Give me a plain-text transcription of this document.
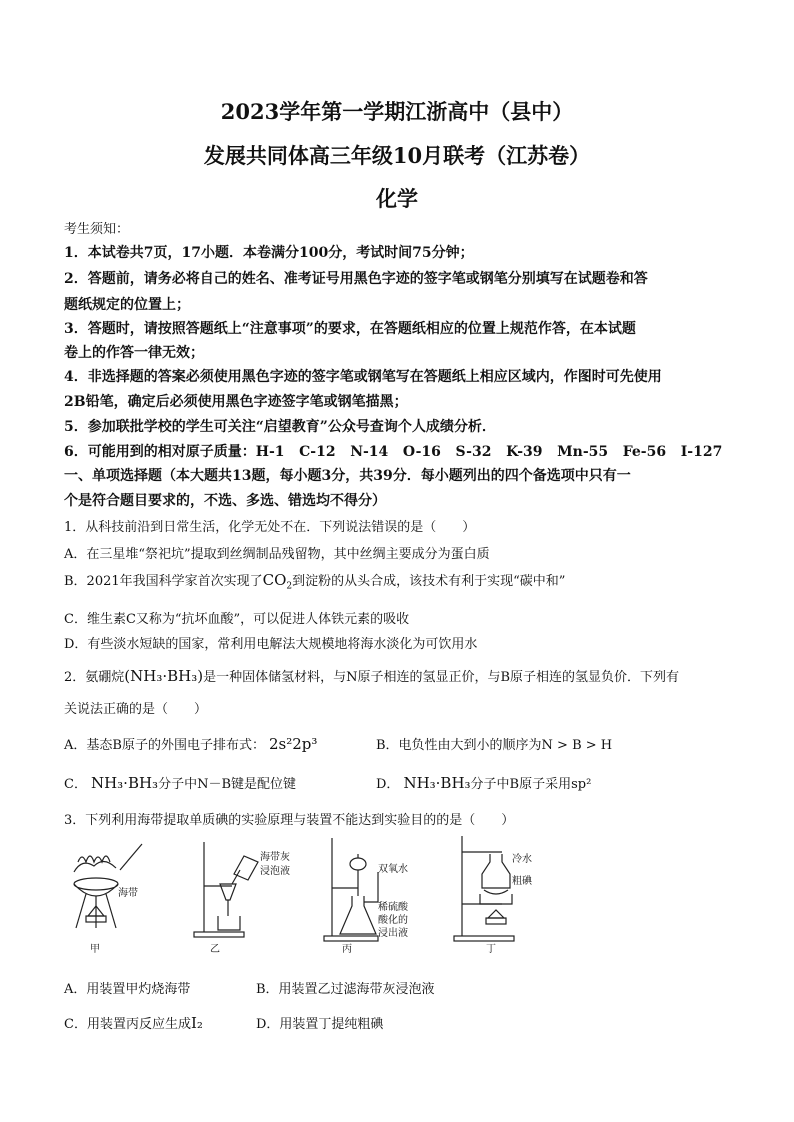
2023学年第一学期江浙高中（县中）
发展共同体高三年级10月联考（江苏卷）
化学
考生须知：
1．本试卷共7页，17小题．本卷满分100分，考试时间75分钟；
2．答题前，请务必将自己的姓名、准考证号用黑色字迹的签字笔或钢笔分别填写在试题卷和答
题纸规定的位置上；
3．答题时，请按照答题纸上“注意事项”的要求，在答题纸相应的位置上规范作答，在本试题
卷上的作答一律无效；
4．非选择题的答案必须使用黑色字迹的签字笔或钢笔写在答题纸上相应区域内，作图时可先使用
2B铅笔，确定后必须使用黑色字迹签字笔或钢笔描黑；
5．参加联批学校的学生可关注“启望教育”公众号查询个人成绩分析．
6．可能用到的相对原子质量：H-1   C-12   N-14   O-16   S-32   K-39   Mn-55   Fe-56   I-127
一、单项选择题（本大题共13题，每小题3分，共39分．每小题列出的四个备选项中只有一
个是符合题目要求的，不选、多选、错选均不得分）
1．从科技前沿到日常生活，化学无处不在．下列说法错误的是（　　）
A．在三星堆“祭祀坑”提取到丝绸制品残留物，其中丝绸主要成分为蛋白质
B．2021年我国科学家首次实现了$CO_2$到淀粉的从头合成，该技术有利于实现“碳中和”
C．维生素C又称为“抗坏血酸”，可以促进人体铁元素的吸收
D．有些淡水短缺的国家，常利用电解法大规模地将海水淡化为可饮用水
2．氨硼烷(NH₃·BH₃)是一种固体储氢材料，与N原子相连的氢显正价，与B原子相连的氢显负价．下列有
关说法正确的是（　　）
A．基态B原子的外围电子排布式： 2s²2p³	B．电负性由大到小的顺序为N > B > H
C． NH₃·BH₃分子中N－B键是配位键	D． NH₃·BH₃分子中B原子采用sp²
3．下列利用海带提取单质碘的实验原理与装置不能达到实验目的的是（　　）
海带
甲
海带灰
浸泡液
乙
双氧水
稀硫酸
酸化的
浸出液
丙
冷水
粗碘
丁
A．用装置甲灼烧海带	B．用装置乙过滤海带灰浸泡液
C．用装置丙反应生成I₂	D．用装置丁提纯粗碘
